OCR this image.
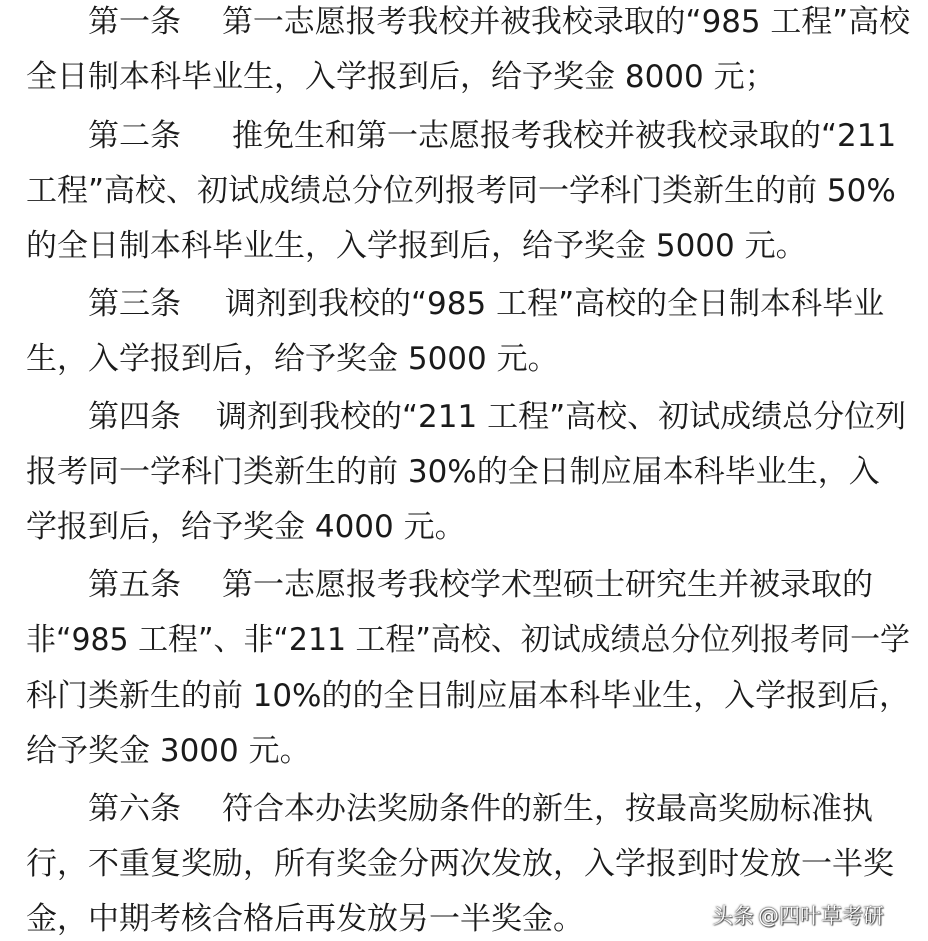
第一条 第一志愿报考我校并被我校录取的“985 工程”高校
全日制本科毕业生，入学报到后，给予奖金 8000 元；
第二条 推免生和第一志愿报考我校并被我校录取的“211
工程”高校、初试成绩总分位列报考同一学科门类新生的前 50%
的全日制本科毕业生，入学报到后，给予奖金 5000 元。
第三条 调剂到我校的“985 工程”高校的全日制本科毕业
生，入学报到后，给予奖金 5000 元。
第四条 调剂到我校的“211 工程”高校、初试成绩总分位列
报考同一学科门类新生的前 30%的全日制应届本科毕业生，入
学报到后，给予奖金 4000 元。
第五条 第一志愿报考我校学术型硕士研究生并被录取的
非“985 工程”、非“211 工程”高校、初试成绩总分位列报考同一学
科门类新生的前 10%的的全日制应届本科毕业生，入学报到后，
给予奖金 3000 元。
第六条 符合本办法奖励条件的新生，按最高奖励标准执
行，不重复奖励，所有奖金分两次发放，入学报到时发放一半奖
金，中期考核合格后再发放另一半奖金。	头条 @四叶草考研
